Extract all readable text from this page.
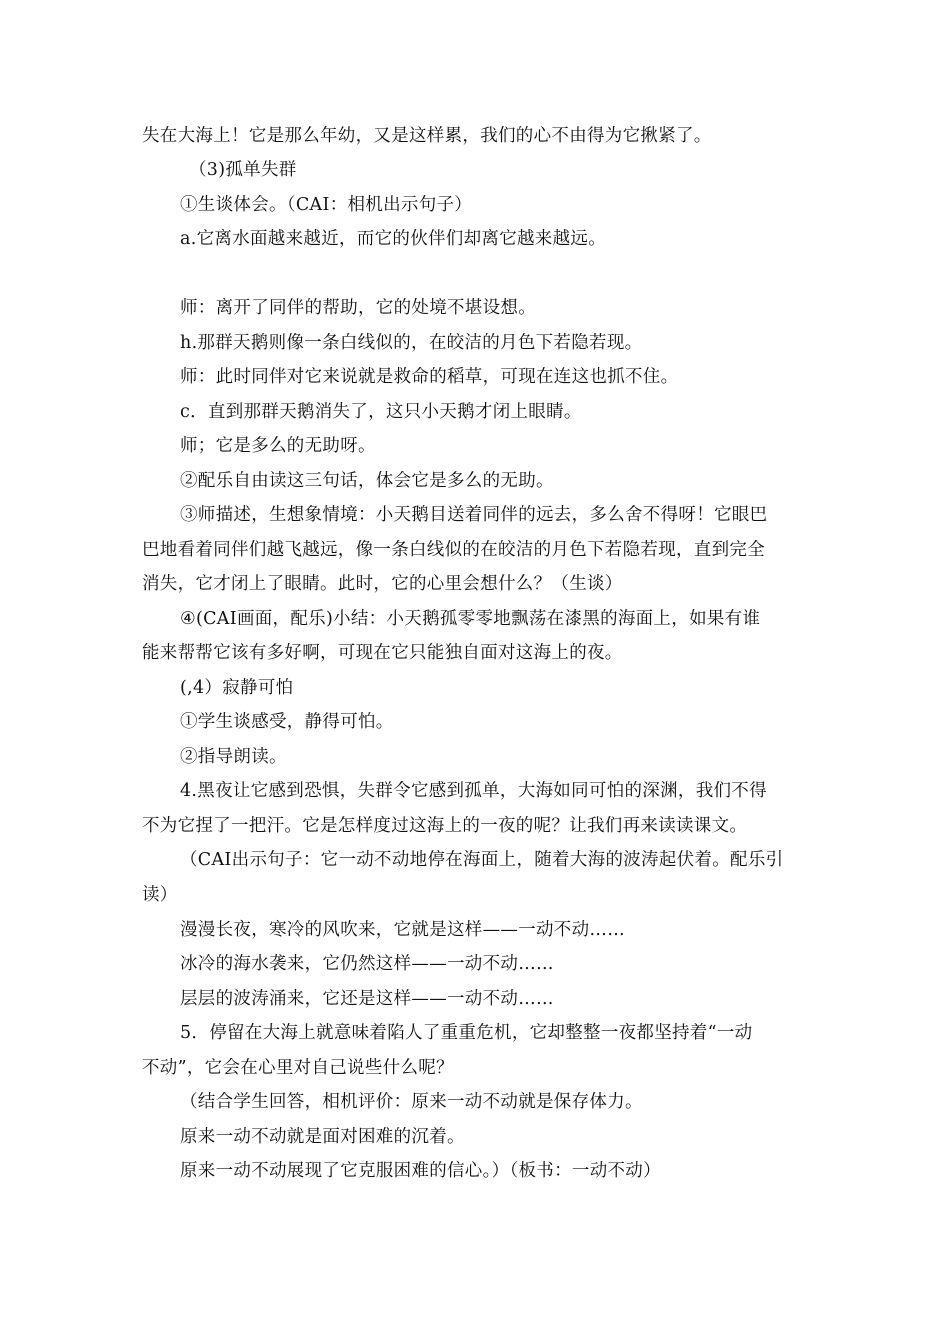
失在大海上！它是那么年幼，又是这样累，我们的心不由得为它揪紧了。
（3)孤单失群
①生谈体会。（CAI：相机出示句子）
a.它离水面越来越近，而它的伙伴们却离它越来越远。
师：离开了同伴的帮助，它的处境不堪设想。
h.那群天鹅则像一条白线似的，在皎洁的月色下若隐若现。
师：此时同伴对它来说就是救命的稻草，可现在连这也抓不住。
c．直到那群天鹅消失了，这只小天鹅才闭上眼睛。
师；它是多么的无助呀。
②配乐自由读这三句话，体会它是多么的无助。
③师描述，生想象情境：小天鹅目送着同伴的远去，多么舍不得呀！它眼巴
巴地看着同伴们越飞越远，像一条白线似的在皎洁的月色下若隐若现，直到完全
消失，它才闭上了眼睛。此时，它的心里会想什么？（生谈）
④(CAI画面，配乐)小结：小天鹅孤零零地飘荡在漆黑的海面上，如果有谁
能来帮帮它该有多好啊，可现在它只能独自面对这海上的夜。
(,4）寂静可怕
①学生谈感受，静得可怕。
②指导朗读。
4.黑夜让它感到恐惧，失群令它感到孤单，大海如同可怕的深渊，我们不得
不为它捏了一把汗。它是怎样度过这海上的一夜的呢？让我们再来读读课文。
（CAI出示句子：它一动不动地停在海面上，随着大海的波涛起伏着。配乐引
读）
漫漫长夜，寒冷的风吹来，它就是这样——一动不动……
冰冷的海水袭来，它仍然这样——一动不动……
层层的波涛涌来，它还是这样——一动不动……
5．停留在大海上就意味着陷人了重重危机，它却整整一夜都坚持着“一动
不动”，它会在心里对自己说些什么呢？
（结合学生回答，相机评价：原来一动不动就是保存体力。
原来一动不动就是面对困难的沉着。
原来一动不动展现了它克服困难的信心。）（板书：一动不动）
